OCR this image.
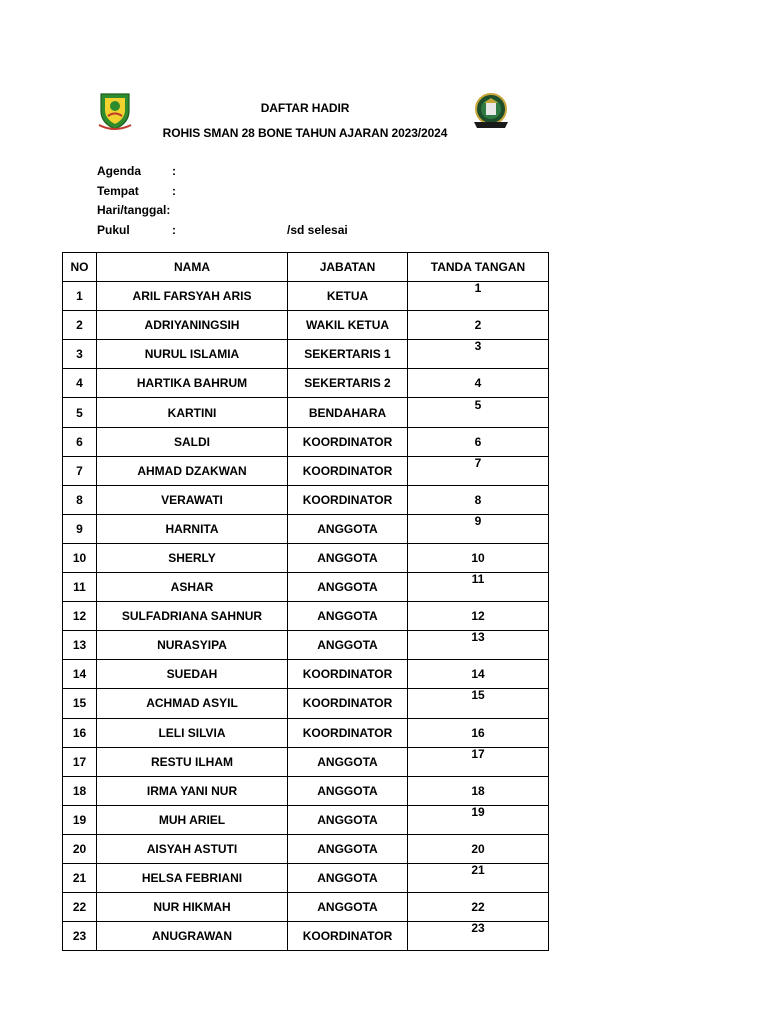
DAFTAR HADIR
ROHIS SMAN 28 BONE TAHUN AJARAN 2023/2024
Agenda	:
Tempat	:
Hari/tanggal:
Pukul	:	/sd selesai
NO	NAMA	JABATAN	TANDA TANGAN
1	ARIL FARSYAH ARIS	KETUA	1
2	ADRIYANINGSIH	WAKIL KETUA	2
3	NURUL ISLAMIA	SEKERTARIS 1	3
4	HARTIKA BAHRUM	SEKERTARIS 2	4
5	KARTINI	BENDAHARA	5
6	SALDI	KOORDINATOR	6
7	AHMAD DZAKWAN	KOORDINATOR	7
8	VERAWATI	KOORDINATOR	8
9	HARNITA	ANGGOTA	9
10	SHERLY	ANGGOTA	10
11	ASHAR	ANGGOTA	11
12	SULFADRIANA SAHNUR	ANGGOTA	12
13	NURASYIPA	ANGGOTA	13
14	SUEDAH	KOORDINATOR	14
15	ACHMAD ASYIL	KOORDINATOR	15
16	LELI SILVIA	KOORDINATOR	16
17	RESTU ILHAM	ANGGOTA	17
18	IRMA YANI NUR	ANGGOTA	18
19	MUH ARIEL	ANGGOTA	19
20	AISYAH ASTUTI	ANGGOTA	20
21	HELSA FEBRIANI	ANGGOTA	21
22	NUR HIKMAH	ANGGOTA	22
23	ANUGRAWAN	KOORDINATOR	23
